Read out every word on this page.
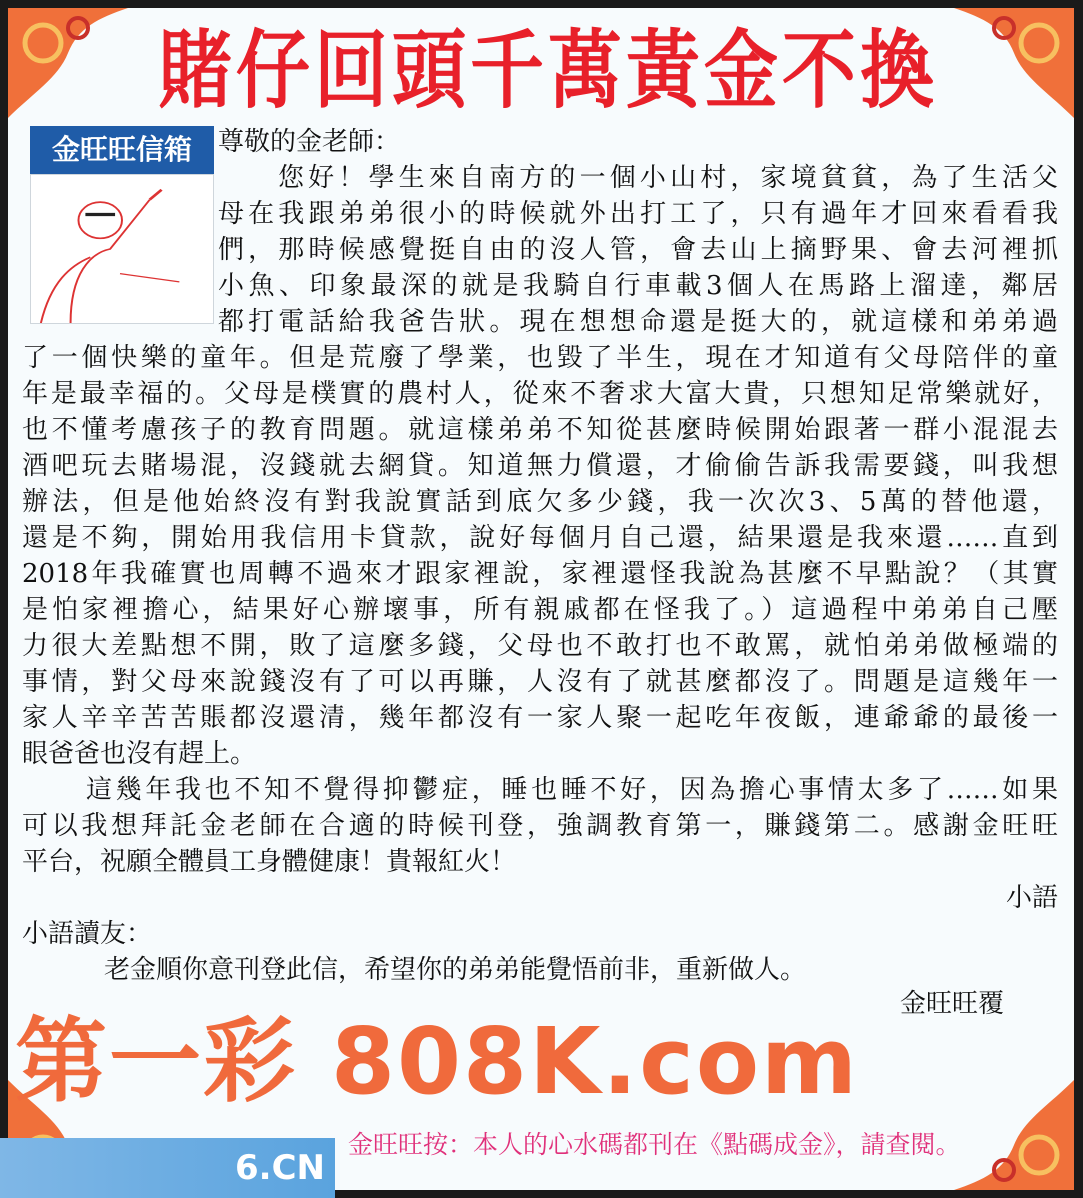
賭仔回頭千萬黃金不換
金旺旺信箱	尊敬的金老師：
您好！學生來自南方的一個小山村，家境貧貧，為了生活父
母在我跟弟弟很小的時候就外出打工了，只有過年才回來看看我
們，那時候感覺挺自由的沒人管，會去山上摘野果、會去河裡抓
小魚、印象最深的就是我騎自行車載3個人在馬路上溜達，鄰居
都打電話給我爸告狀。現在想想命還是挺大的，就這樣和弟弟過
了一個快樂的童年。但是荒廢了學業，也毀了半生，現在才知道有父母陪伴的童
年是最幸福的。父母是樸實的農村人，從來不奢求大富大貴，只想知足常樂就好，
也不懂考慮孩子的教育問題。就這樣弟弟不知從甚麼時候開始跟著一群小混混去
酒吧玩去賭場混，沒錢就去網貸。知道無力償還，才偷偷告訴我需要錢，叫我想
辦法，但是他始終沒有對我說實話到底欠多少錢，我一次次3、5萬的替他還，
還是不夠，開始用我信用卡貸款，說好每個月自己還，結果還是我來還……直到
2018年我確實也周轉不過來才跟家裡說，家裡還怪我說為甚麼不早點說？（其實
是怕家裡擔心，結果好心辦壞事，所有親戚都在怪我了。）這過程中弟弟自己壓
力很大差點想不開，敗了這麼多錢，父母也不敢打也不敢罵，就怕弟弟做極端的
事情，對父母來說錢沒有了可以再賺，人沒有了就甚麼都沒了。問題是這幾年一
家人辛辛苦苦賬都沒還清，幾年都沒有一家人聚一起吃年夜飯，連爺爺的最後一
眼爸爸也沒有趕上。
這幾年我也不知不覺得抑鬱症，睡也睡不好，因為擔心事情太多了……如果
可以我想拜託金老師在合適的時候刊登，強調教育第一，賺錢第二。感謝金旺旺
平台，祝願全體員工身體健康！貴報紅火！
小語
小語讀友：
老金順你意刊登此信，希望你的弟弟能覺悟前非，重新做人。
金旺旺覆
金旺旺按：本人的心水碼都刊在《點碼成金》，請查閱。
6.CN
第一彩 808K.com
